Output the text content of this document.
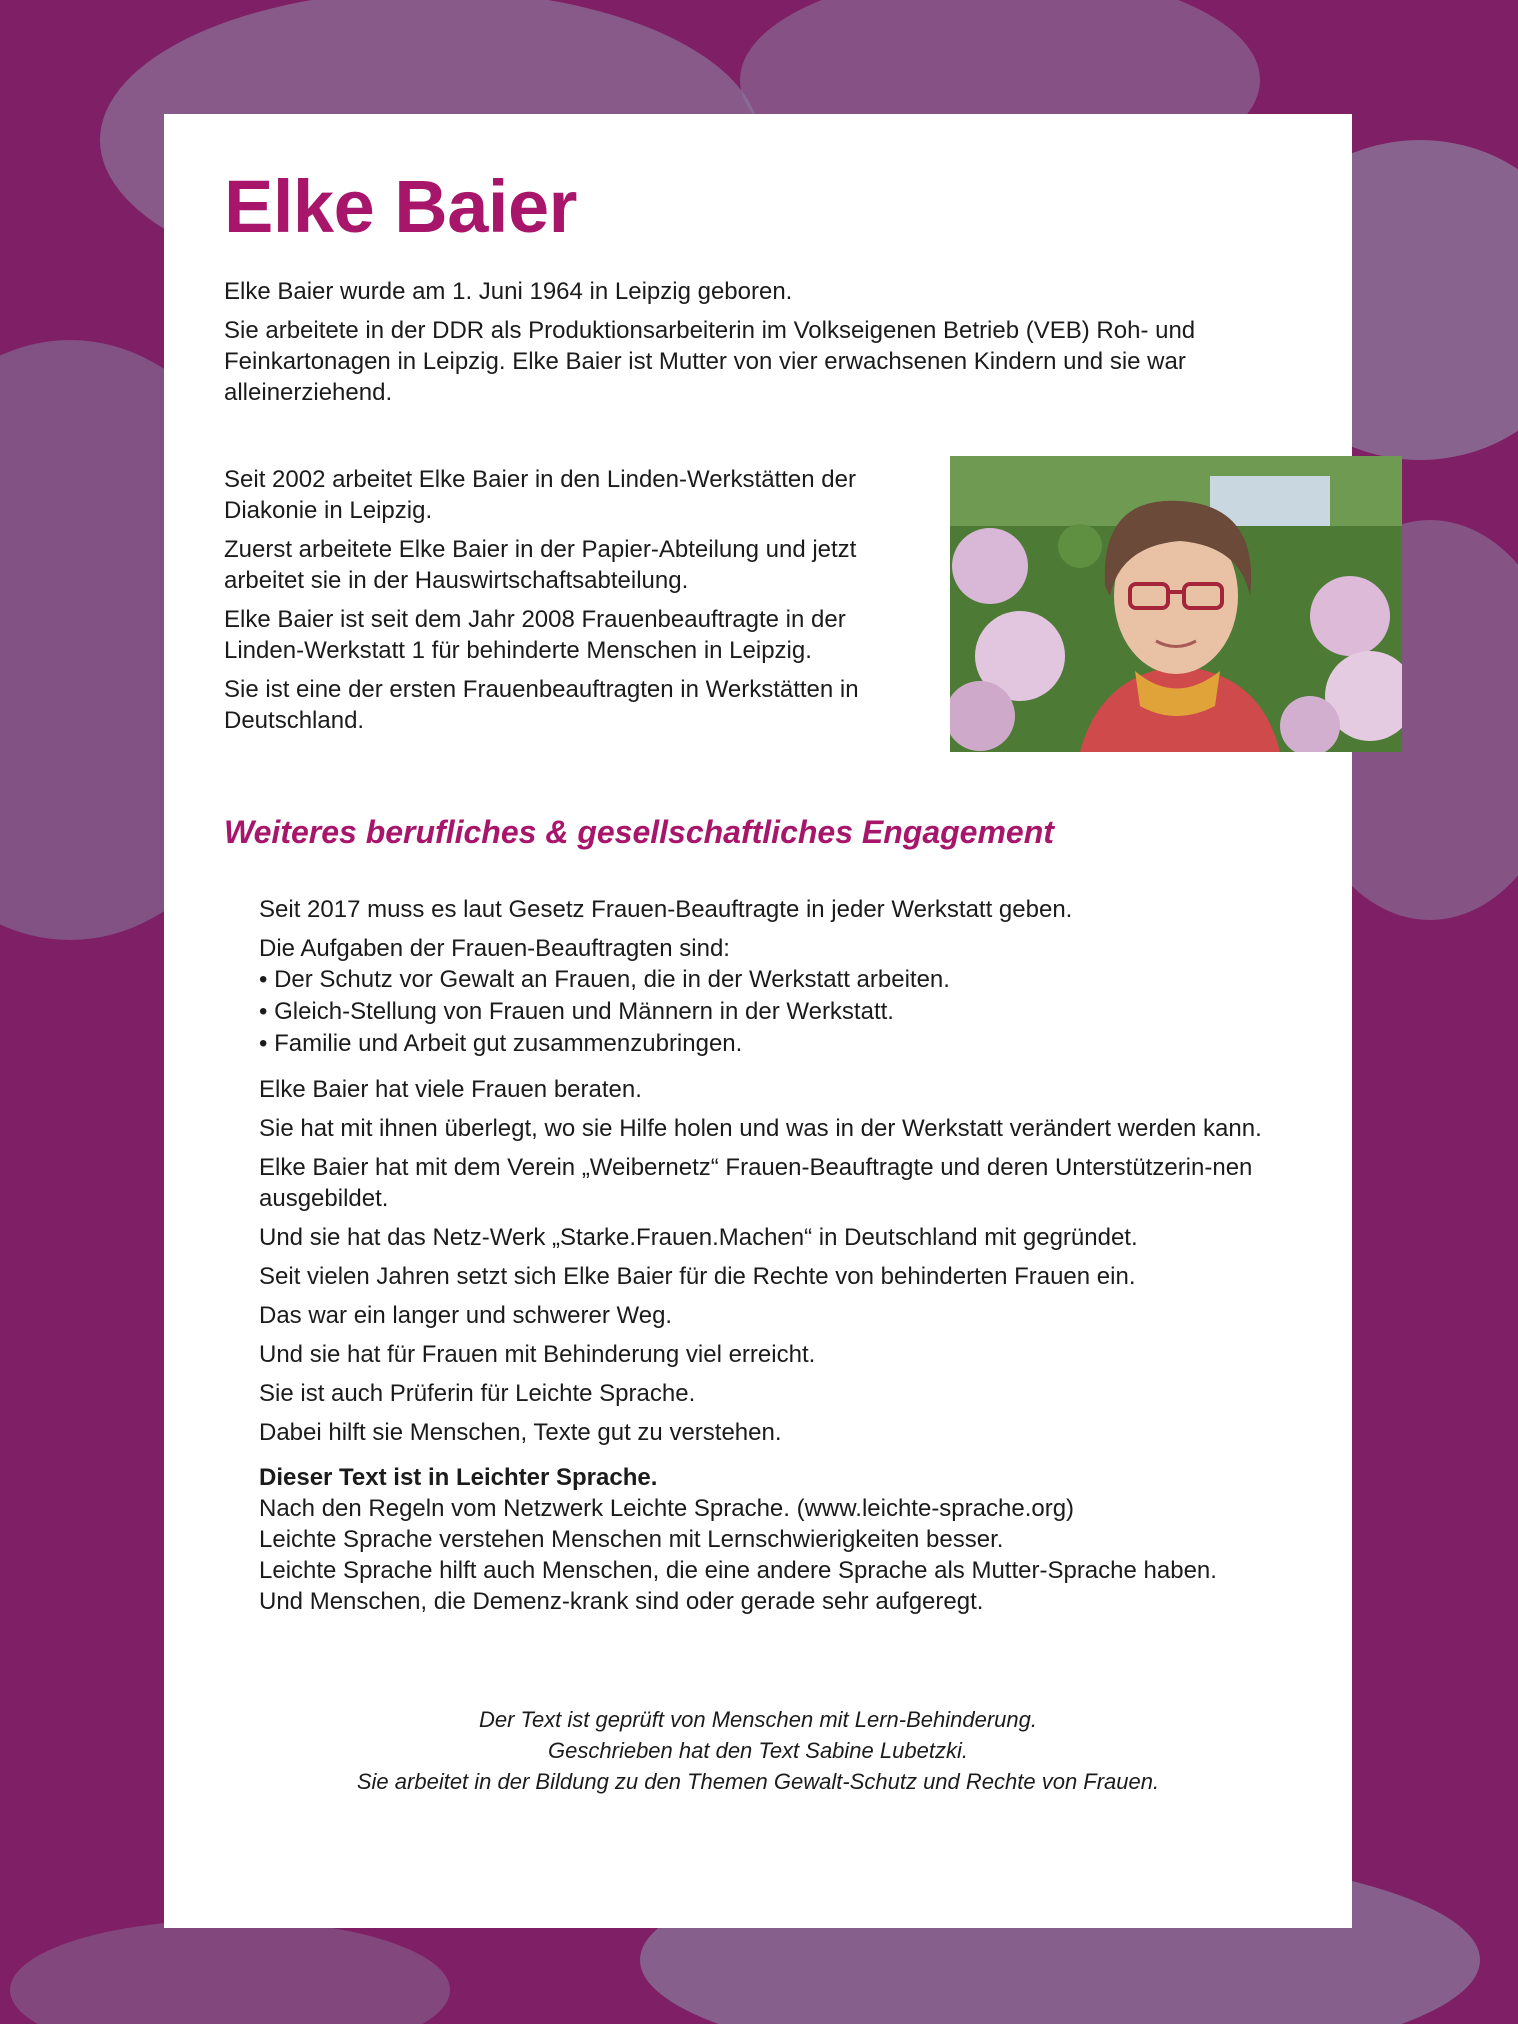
Elke Baier

Elke Baier wurde am 1. Juni 1964 in Leipzig geboren.

Sie arbeitete in der DDR als Produktionsarbeiterin im Volkseigenen Betrieb (VEB) Roh- und Feinkartonagen in Leipzig. Elke Baier ist Mutter von vier erwachsenen Kindern und sie war alleinerziehend.

Seit 2002 arbeitet Elke Baier in den Linden-Werkstätten der Diakonie in Leipzig.

Zuerst arbeitete Elke Baier in der Papier-Abteilung und jetzt arbeitet sie in der Hauswirtschaftsabteilung.

Elke Baier ist seit dem Jahr 2008 Frauenbeauftragte in der Linden-Werkstatt 1 für behinderte Menschen in Leipzig.

Sie ist eine der ersten Frauenbeauftragten in Werkstätten in Deutschland.

Weiteres berufliches & gesellschaftliches Engagement

Seit 2017 muss es laut Gesetz Frauen-Beauftragte in jeder Werkstatt geben.

Die Aufgaben der Frauen-Beauftragten sind:

• Der Schutz vor Gewalt an Frauen, die in der Werkstatt arbeiten.
• Gleich-Stellung von Frauen und Männern in der Werkstatt.
• Familie und Arbeit gut zusammenzubringen.

Elke Baier hat viele Frauen beraten.

Sie hat mit ihnen überlegt, wo sie Hilfe holen und was in der Werkstatt verändert werden kann.

Elke Baier hat mit dem Verein „Weibernetz“ Frauen-Beauftragte und deren Unterstützerin-nen ausgebildet.

Und sie hat das Netz-Werk „Starke.Frauen.Machen“ in Deutschland mit gegründet.

Seit vielen Jahren setzt sich Elke Baier für die Rechte von behinderten Frauen ein.

Das war ein langer und schwerer Weg.

Und sie hat für Frauen mit Behinderung viel erreicht.

Sie ist auch Prüferin für Leichte Sprache.

Dabei hilft sie Menschen, Texte gut zu verstehen.

Dieser Text ist in Leichter Sprache.

Nach den Regeln vom Netzwerk Leichte Sprache. (www.leichte-sprache.org)

Leichte Sprache verstehen Menschen mit Lernschwierigkeiten besser.

Leichte Sprache hilft auch Menschen, die eine andere Sprache als Mutter-Sprache haben.

Und Menschen, die Demenz-krank sind oder gerade sehr aufgeregt.

Der Text ist geprüft von Menschen mit Lern-Behinderung.

Geschrieben hat den Text Sabine Lubetzki.

Sie arbeitet in der Bildung zu den Themen Gewalt-Schutz und Rechte von Frauen.
